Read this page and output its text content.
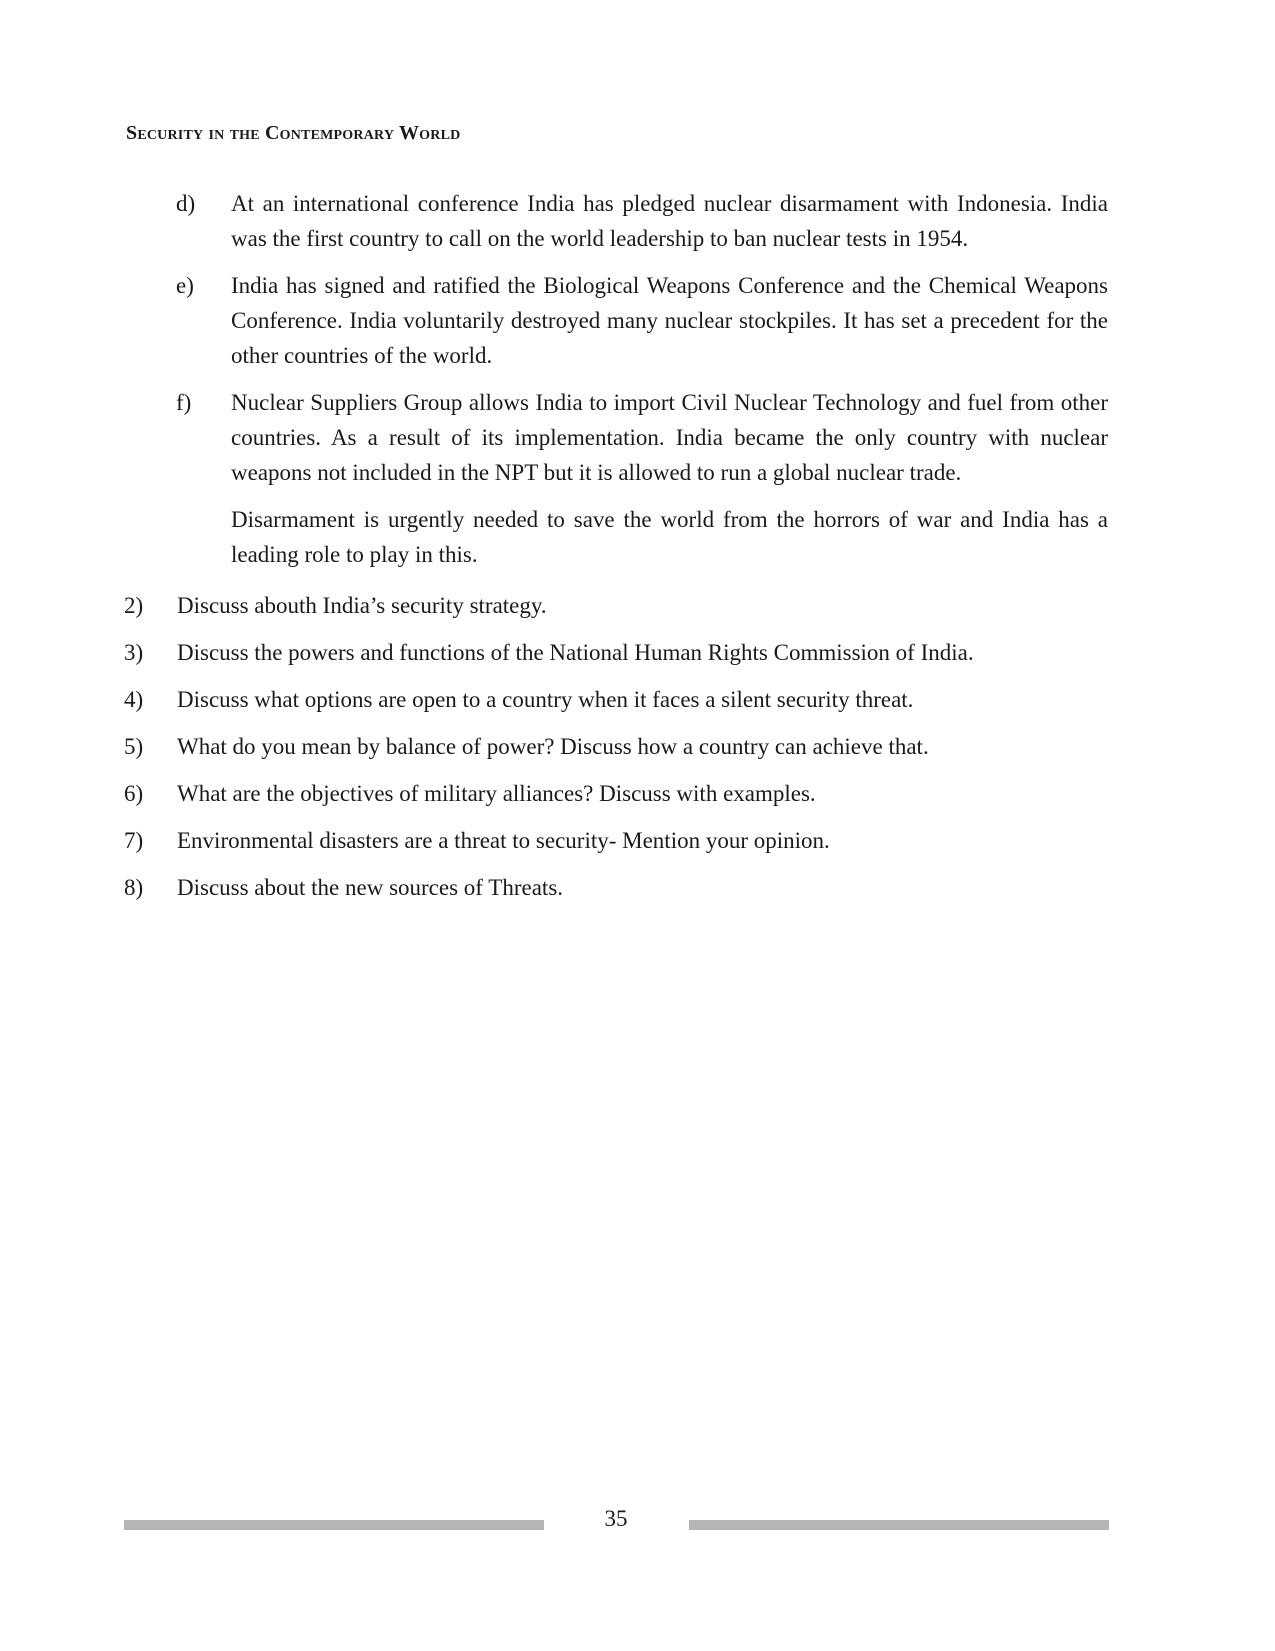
Security in the Contemporary World
d) At an international conference India has pledged nuclear disarmament with Indonesia. India was the first country to call on the world leadership to ban nuclear tests in 1954.
e) India has signed and ratified the Biological Weapons Conference and the Chemical Weapons Conference. India voluntarily destroyed many nuclear stockpiles. It has set a precedent for the other countries of the world.
f) Nuclear Suppliers Group allows India to import Civil Nuclear Technology and fuel from other countries. As a result of its implementation. India became the only country with nuclear weapons not included in the NPT but it is allowed to run a global nuclear trade.
Disarmament is urgently needed to save the world from the horrors of war and India has a leading role to play in this.
2) Discuss abouth India’s security strategy.
3) Discuss the powers and functions of the National Human Rights Commission of India.
4) Discuss what options are open to a country when it faces a silent security threat.
5) What do you mean by balance of power? Discuss how a country can achieve that.
6) What are the objectives of military alliances? Discuss with examples.
7) Environmental disasters are a threat to security- Mention your opinion.
8) Discuss about the new sources of Threats.
35
